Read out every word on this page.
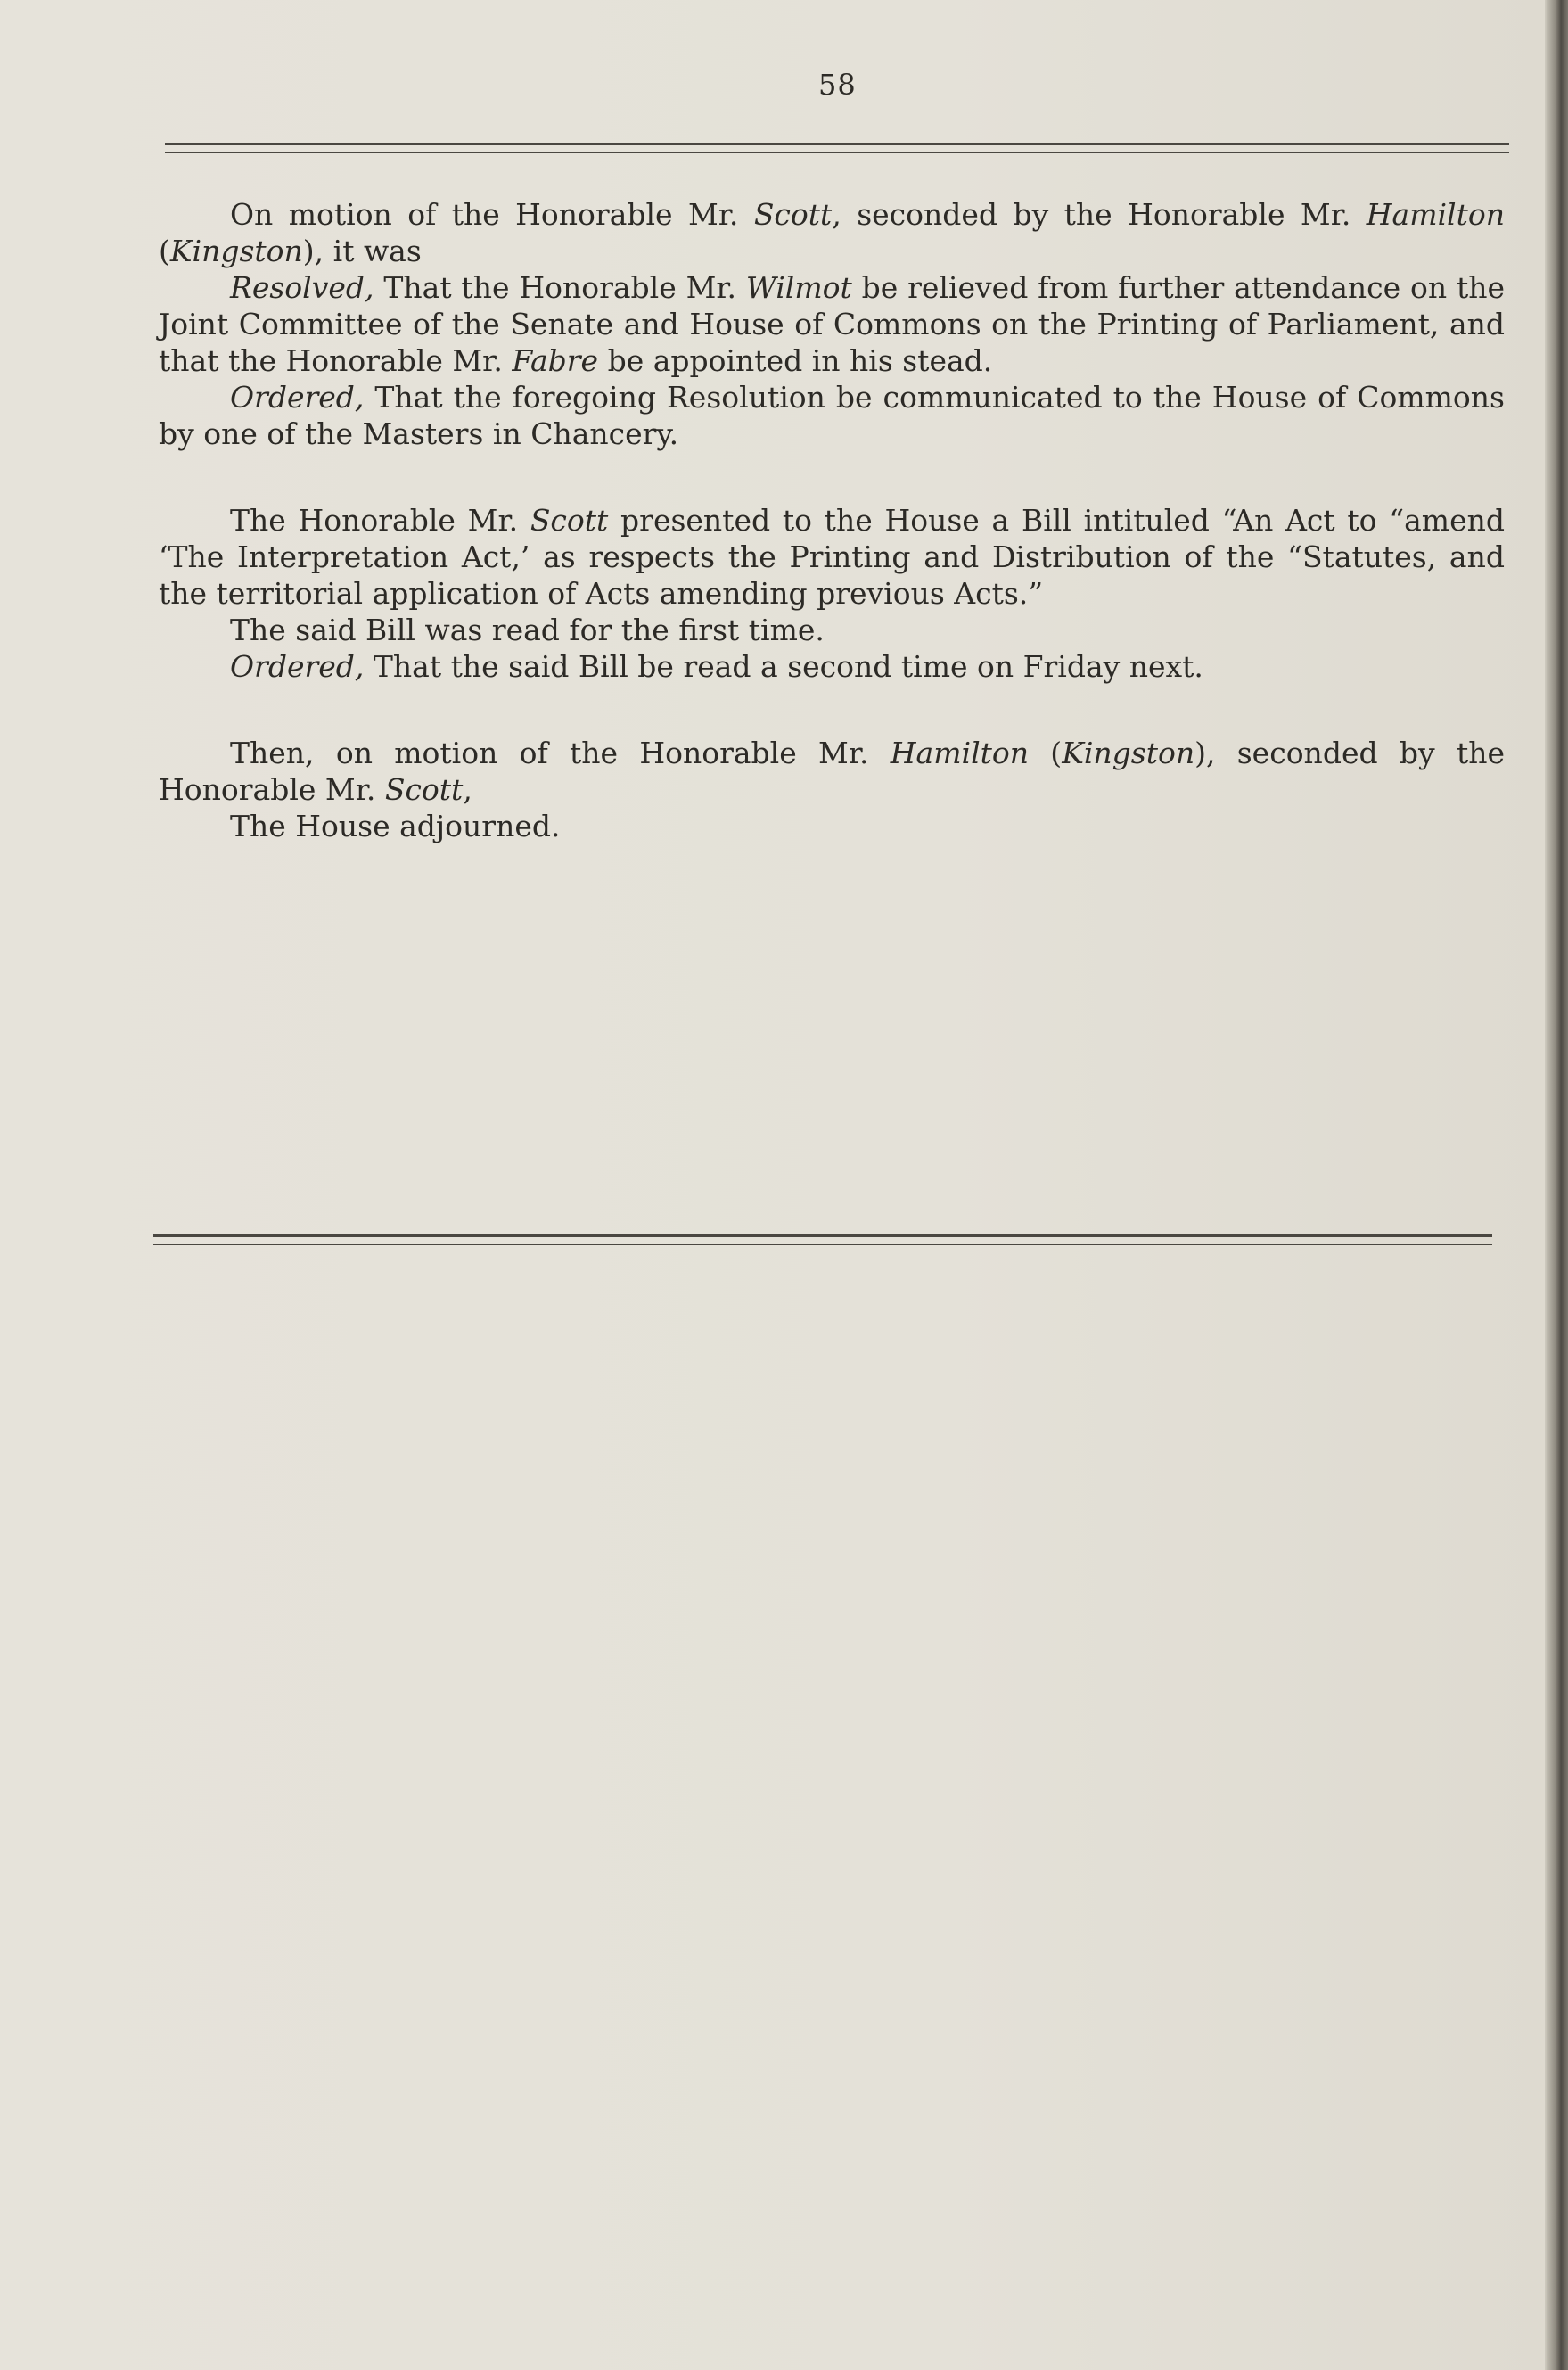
58

On motion of the Honorable Mr. Scott, seconded by the Honorable Mr. Hamilton (Kingston), it was

Resolved, That the Honorable Mr. Wilmot be relieved from further attendance on the Joint Committee of the Senate and House of Commons on the Printing of Parliament, and that the Honorable Mr. Fabre be appointed in his stead.

Ordered, That the foregoing Resolution be communicated to the House of Commons by one of the Masters in Chancery.

The Honorable Mr. Scott presented to the House a Bill intituled “An Act to “amend ‘The Interpretation Act,’ as respects the Printing and Distribution of the “Statutes, and the territorial application of Acts amending previous Acts.”

The said Bill was read for the first time.

Ordered, That the said Bill be read a second time on Friday next.

Then, on motion of the Honorable Mr. Hamilton (Kingston), seconded by the Honorable Mr. Scott,

The House adjourned.
